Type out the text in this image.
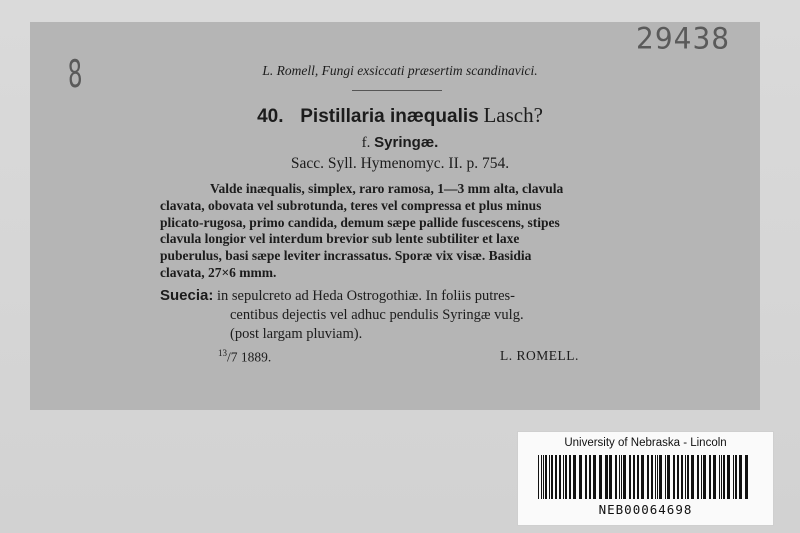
8
29438
L. Romell, Fungi exsiccati præsertim scandinavici.
40. Pistillaria inæqualis Lasch?
f. Syringæ.
Sacc. Syll. Hymenomyc. II. p. 754.
Valde inæqualis, simplex, raro ramosa, 1—3 mm alta, clavula
clavata, obovata vel subrotunda, teres vel compressa et plus minus
plicato-rugosa, primo candida, demum sæpe pallide fuscescens, stipes
clavula longior vel interdum brevior sub lente subtiliter et laxe
puberulus, basi sæpe leviter incrassatus. Sporæ vix visæ. Basidia
clavata, 27×6 mmm.
Suecia: in sepulcreto ad Heda Ostrogothiæ. In foliis putres-
centibus dejectis vel adhuc pendulis Syringæ vulg.
(post largam pluviam).
$^{13}$/7 1889.	L. ROMELL.
University of Nebraska - Lincoln
NEB00064698
